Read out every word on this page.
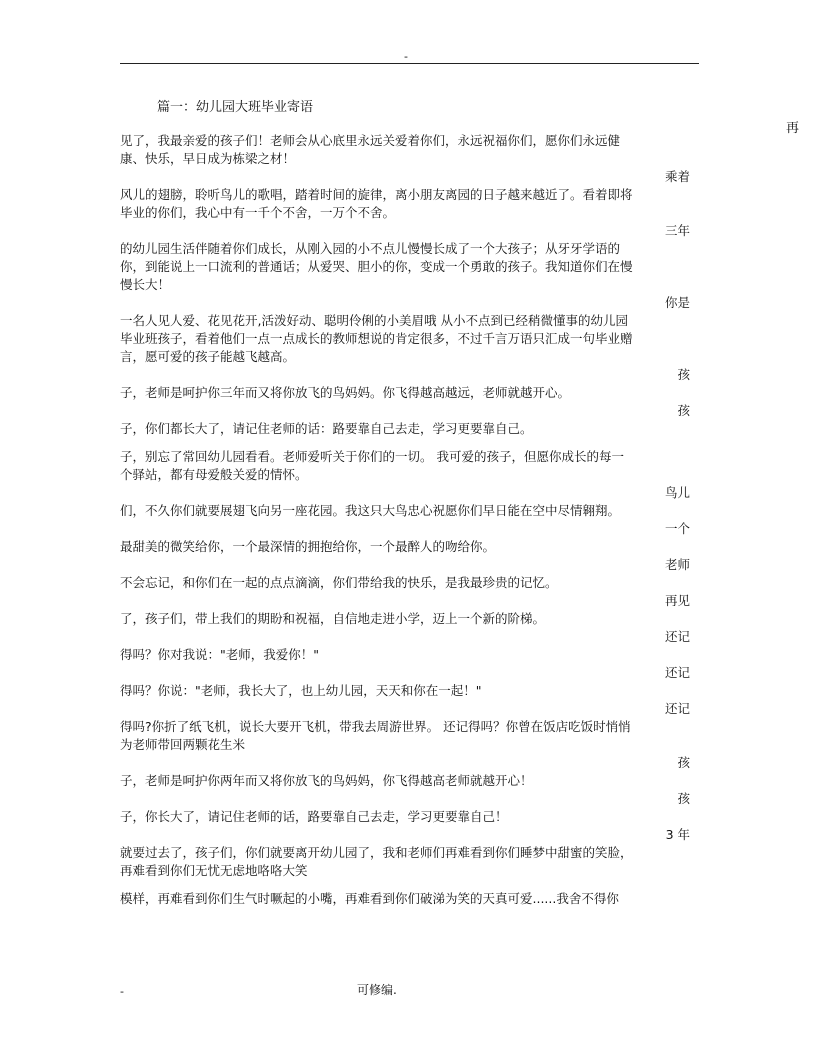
-
篇一：幼儿园大班毕业寄语
再

见了，我最亲爱的孩子们！老师会从心底里永远关爱着你们，永远祝福你们，愿你们永远健
康、快乐，早日成为栋梁之材！

乘着

风儿的翅膀，聆听鸟儿的歌唱，踏着时间的旋律，离小朋友离园的日子越来越近了。看着即将
毕业的你们，我心中有一千个不舍，一万个不舍。

三年

的幼儿园生活伴随着你们成长，从刚入园的小不点儿慢慢长成了一个大孩子；从牙牙学语的
你，到能说上一口流利的普通话；从爱哭、胆小的你，变成一个勇敢的孩子。我知道你们在慢
慢长大！

你是

一名人见人爱、花见花开,活泼好动、聪明伶俐的小美眉哦 从小不点到已经稍微懂事的幼儿园
毕业班孩子，看着他们一点一点成长的教师想说的肯定很多，不过千言万语只汇成一句毕业赠
言，愿可爱的孩子能越飞越高。

孩

子，老师是呵护你三年而又将你放飞的鸟妈妈。你飞得越高越远，老师就越开心。

孩

子，你们都长大了，请记住老师的话：路要靠自己去走，学习更要靠自己。

子，别忘了常回幼儿园看看。老师爱听关于你们的一切。 我可爱的孩子，但愿你成长的每一
个驿站，都有母爱般关爱的情怀。

鸟儿

们，不久你们就要展翅飞向另一座花园。我这只大鸟忠心祝愿你们早日能在空中尽情翱翔。

一个

最甜美的微笑给你，一个最深情的拥抱给你，一个最醉人的吻给你。

老师

不会忘记，和你们在一起的点点滴滴，你们带给我的快乐，是我最珍贵的记忆。

再见

了，孩子们，带上我们的期盼和祝福，自信地走进小学，迈上一个新的阶梯。

还记

得吗？你对我说："老师，我爱你！"

还记

得吗？你说："老师，我长大了，也上幼儿园，天天和你在一起！"

还记

得吗?你折了纸飞机，说长大要开飞机，带我去周游世界。 还记得吗？你曾在饭店吃饭时悄悄
为老师带回两颗花生米

孩

子，老师是呵护你两年而又将你放飞的鸟妈妈，你飞得越高老师就越开心！

孩

子，你长大了，请记住老师的话，路要靠自己去走，学习更要靠自己！

3 年

就要过去了，孩子们，你们就要离开幼儿园了，我和老师们再难看到你们睡梦中甜蜜的笑脸，
再难看到你们无忧无虑地咯咯大笑

模样，再难看到你们生气时噘起的小嘴，再难看到你们破涕为笑的天真可爱......我舍不得你

-	可修编.
